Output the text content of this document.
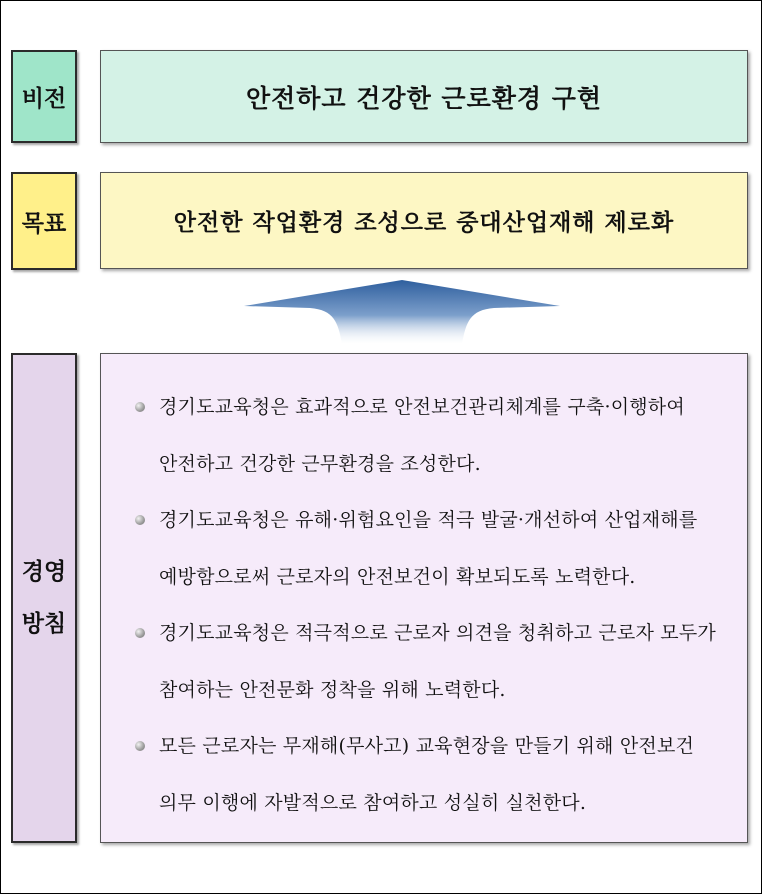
비전	안전하고 건강한 근로환경 구현
목표	안전한 작업환경 조성으로 중대산업재해 제로화
경영
방침
경기도교육청은 효과적으로 안전보건관리체계를 구축·이행하여
안전하고 건강한 근무환경을 조성한다.
경기도교육청은 유해·위험요인을 적극 발굴·개선하여 산업재해를
예방함으로써 근로자의 안전보건이 확보되도록 노력한다.
경기도교육청은 적극적으로 근로자 의견을 청취하고 근로자 모두가
참여하는 안전문화 정착을 위해 노력한다.
모든 근로자는 무재해(무사고) 교육현장을 만들기 위해 안전보건
의무 이행에 자발적으로 참여하고 성실히 실천한다.
